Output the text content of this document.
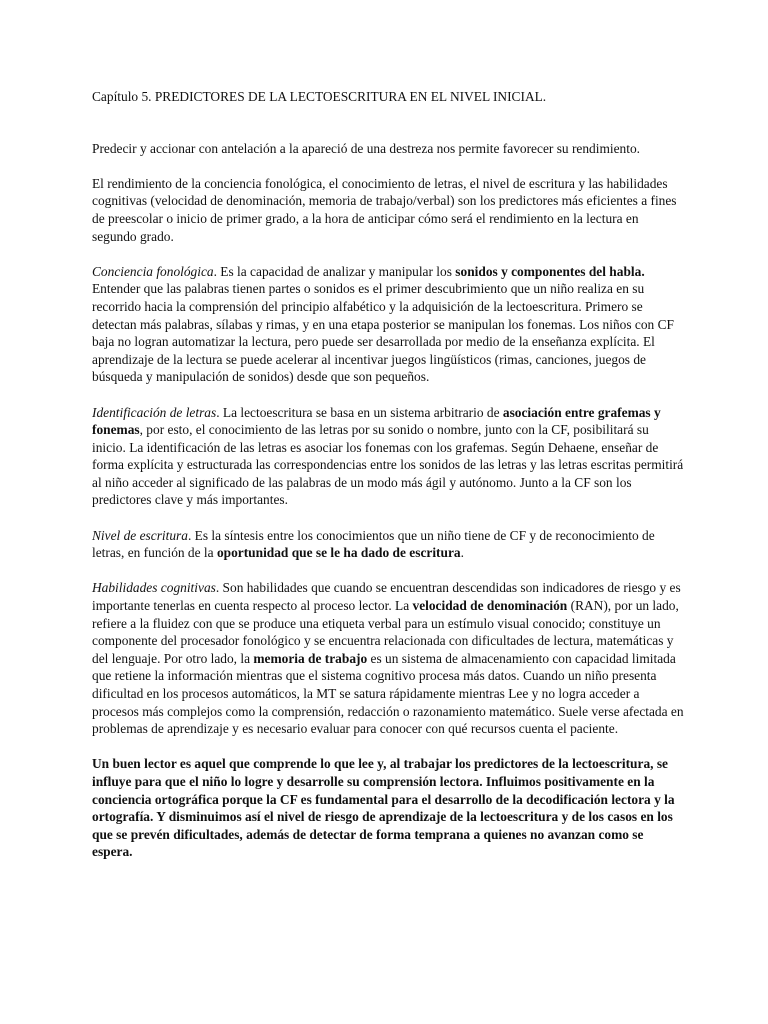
Capítulo 5. PREDICTORES DE LA LECTOESCRITURA EN EL NIVEL INICIAL.

Predecir y accionar con antelación a la apareció de una destreza nos permite favorecer su rendimiento.

El rendimiento de la conciencia fonológica, el conocimiento de letras, el nivel de escritura y las habilidades cognitivas (velocidad de denominación, memoria de trabajo/verbal) son los predictores más eficientes a fines de preescolar o inicio de primer grado, a la hora de anticipar cómo será el rendimiento en la lectura en segundo grado.

Conciencia fonológica. Es la capacidad de analizar y manipular los sonidos y componentes del habla. Entender que las palabras tienen partes o sonidos es el primer descubrimiento que un niño realiza en su recorrido hacia la comprensión del principio alfabético y la adquisición de la lectoescritura. Primero se detectan más palabras, sílabas y rimas, y en una etapa posterior se manipulan los fonemas. Los niños con CF baja no logran automatizar la lectura, pero puede ser desarrollada por medio de la enseñanza explícita. El aprendizaje de la lectura se puede acelerar al incentivar juegos lingüísticos (rimas, canciones, juegos de búsqueda y manipulación de sonidos) desde que son pequeños.

Identificación de letras. La lectoescritura se basa en un sistema arbitrario de asociación entre grafemas y fonemas, por esto, el conocimiento de las letras por su sonido o nombre, junto con la CF, posibilitará su inicio. La identificación de las letras es asociar los fonemas con los grafemas. Según Dehaene, enseñar de forma explícita y estructurada las correspondencias entre los sonidos de las letras y las letras escritas permitirá al niño acceder al significado de las palabras de un modo más ágil y autónomo. Junto a la CF son los predictores clave y más importantes.

Nivel de escritura. Es la síntesis entre los conocimientos que un niño tiene de CF y de reconocimiento de letras, en función de la oportunidad que se le ha dado de escritura.

Habilidades cognitivas. Son habilidades que cuando se encuentran descendidas son indicadores de riesgo y es importante tenerlas en cuenta respecto al proceso lector. La velocidad de denominación (RAN), por un lado, refiere a la fluidez con que se produce una etiqueta verbal para un estímulo visual conocido; constituye un componente del procesador fonológico y se encuentra relacionada con dificultades de lectura, matemáticas y del lenguaje. Por otro lado, la memoria de trabajo es un sistema de almacenamiento con capacidad limitada que retiene la información mientras que el sistema cognitivo procesa más datos. Cuando un niño presenta dificultad en los procesos automáticos, la MT se satura rápidamente mientras Lee y no logra acceder a procesos más complejos como la comprensión, redacción o razonamiento matemático. Suele verse afectada en problemas de aprendizaje y es necesario evaluar para conocer con qué recursos cuenta el paciente.

Un buen lector es aquel que comprende lo que lee y, al trabajar los predictores de la lectoescritura, se influye para que el niño lo logre y desarrolle su comprensión lectora. Influimos positivamente en la conciencia ortográfica porque la CF es fundamental para el desarrollo de la decodificación lectora y la ortografía. Y disminuimos así el nivel de riesgo de aprendizaje de la lectoescritura y de los casos en los que se prevén dificultades, además de detectar de forma temprana a quienes no avanzan como se espera.
